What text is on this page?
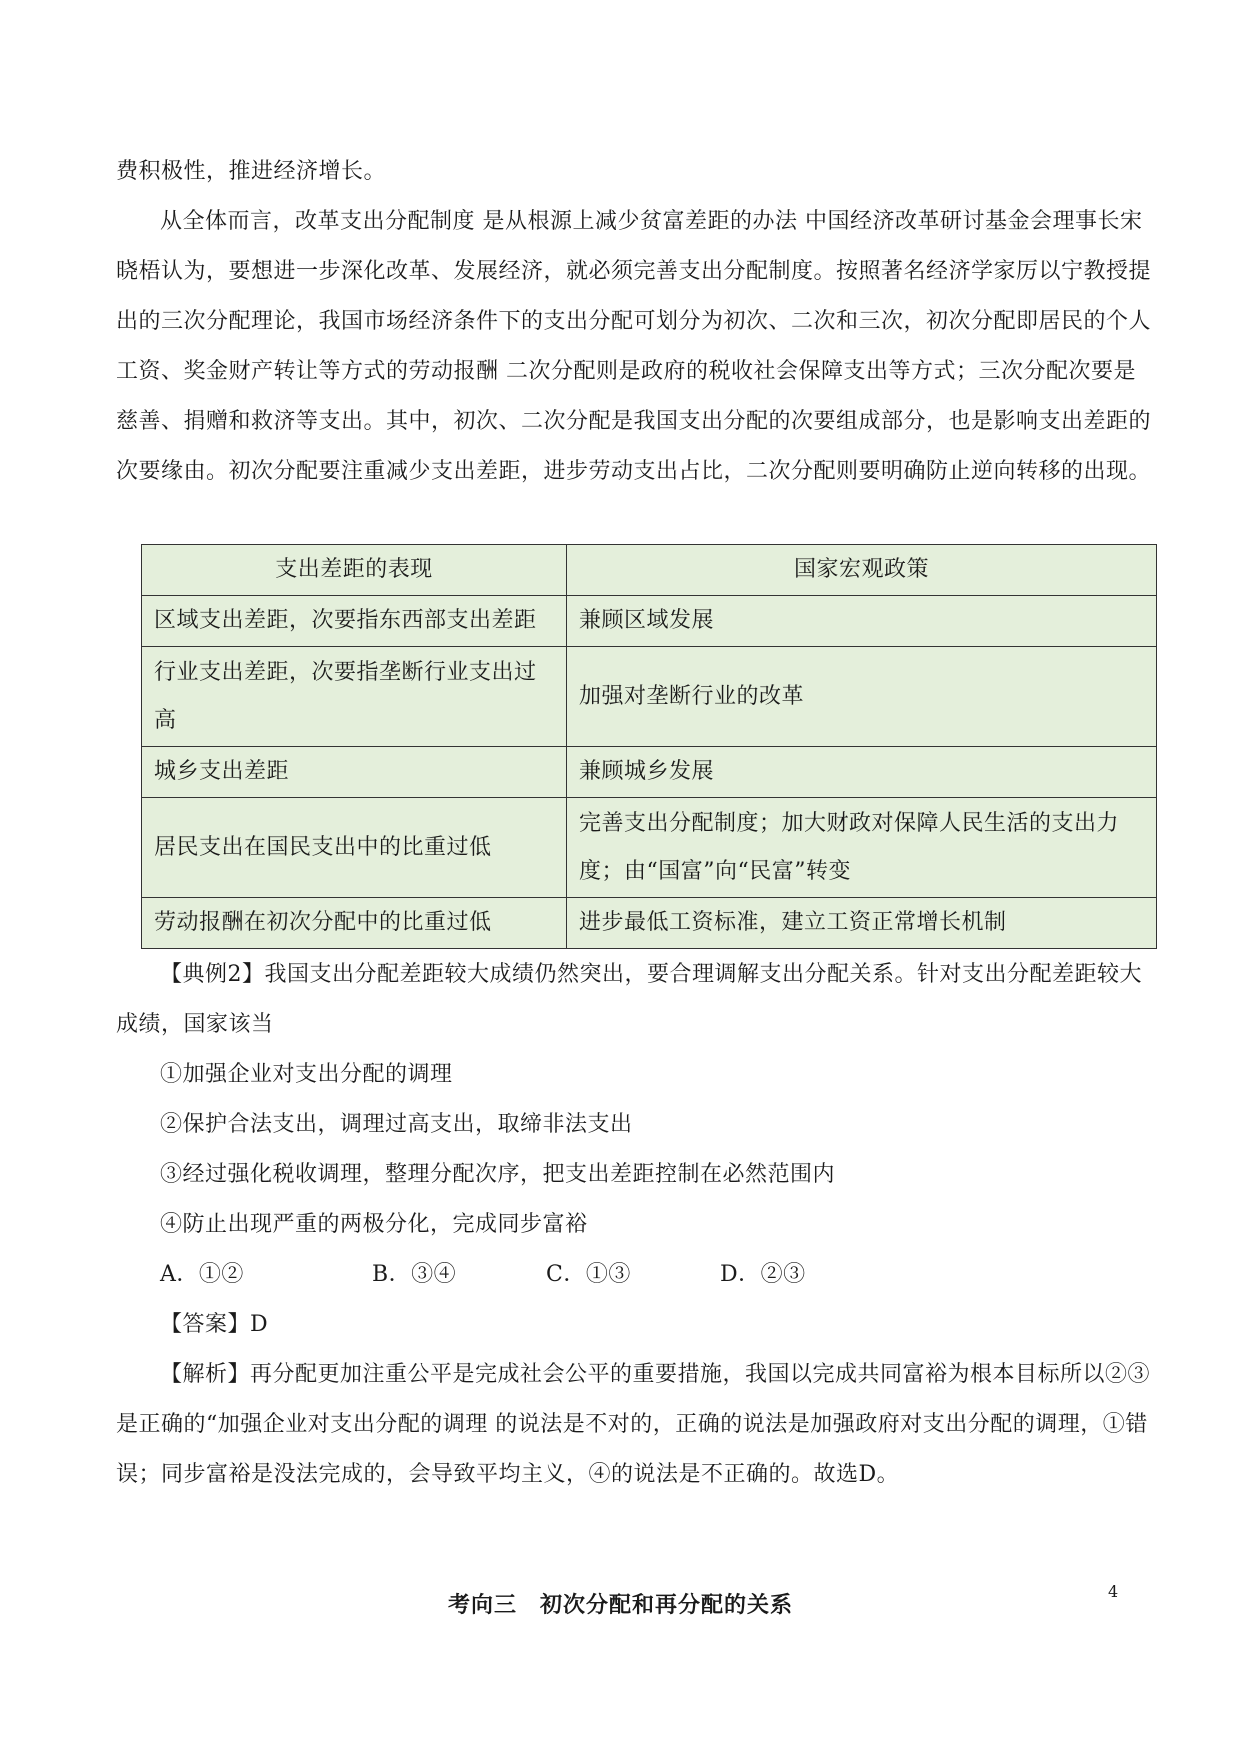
费积极性，推进经济增长。

从全体而言，改革支出分配制度 是从根源上减少贫富差距的办法 中国经济改革研讨基金会理事长宋晓梧认为，要想进一步深化改革、发展经济，就必须完善支出分配制度。按照著名经济学家厉以宁教授提出的三次分配理论，我国市场经济条件下的支出分配可划分为初次、二次和三次，初次分配即居民的个人工资、奖金财产转让等方式的劳动报酬 二次分配则是政府的税收社会保障支出等方式；三次分配次要是慈善、捐赠和救济等支出。其中，初次、二次分配是我国支出分配的次要组成部分，也是影响支出差距的次要缘由。初次分配要注重减少支出差距，进步劳动支出占比，二次分配则要明确防止逆向转移的出现。

支出差距的表现	国家宏观政策
区域支出差距，次要指东西部支出差距	兼顾区域发展
行业支出差距，次要指垄断行业支出过高	加强对垄断行业的改革
城乡支出差距	兼顾城乡发展
居民支出在国民支出中的比重过低	完善支出分配制度；加大财政对保障人民生活的支出力度；由“国富”向“民富”转变
劳动报酬在初次分配中的比重过低	进步最低工资标准，建立工资正常增长机制

【典例2】我国支出分配差距较大成绩仍然突出，要合理调解支出分配关系。针对支出分配差距较大成绩，国家该当

①加强企业对支出分配的调理

②保护合法支出，调理过高支出，取缔非法支出

③经过强化税收调理，整理分配次序，把支出差距控制在必然范围内

④防止出现严重的两极分化，完成同步富裕

A．①②	B．③④	C．①③	D．②③

【答案】D

【解析】再分配更加注重公平是完成社会公平的重要措施，我国以完成共同富裕为根本目标所以②③是正确的“加强企业对支出分配的调理 的说法是不对的，正确的说法是加强政府对支出分配的调理，①错误；同步富裕是没法完成的，会导致平均主义，④的说法是不正确的。故选D。

考向三　初次分配和再分配的关系
4
